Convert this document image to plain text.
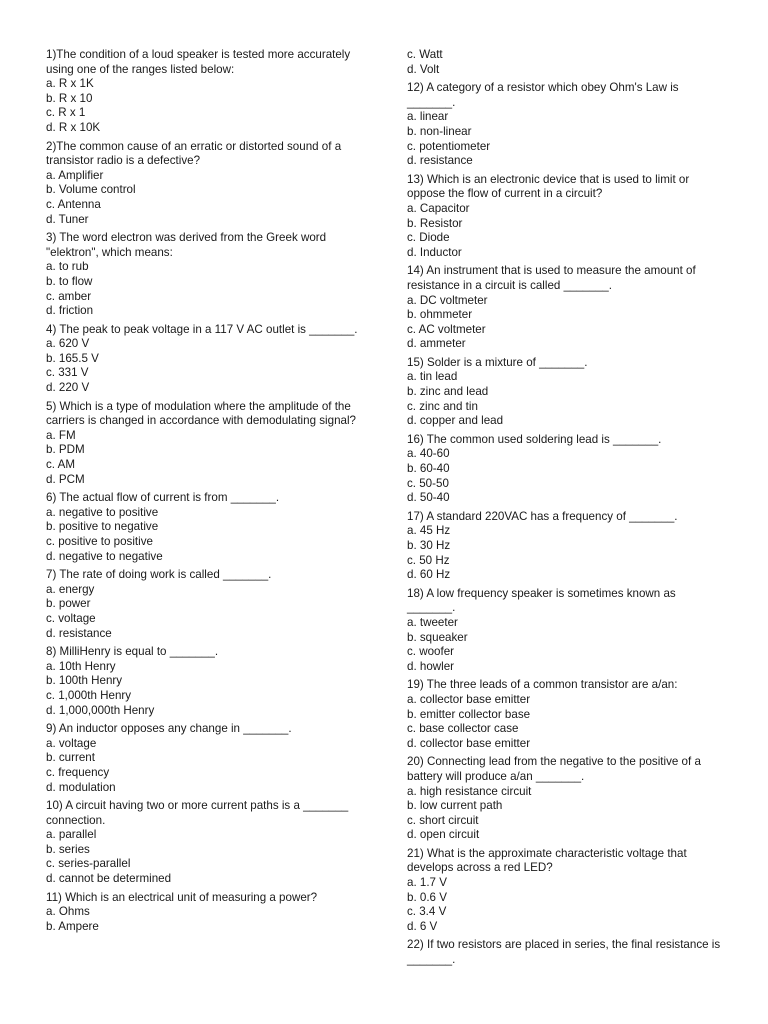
1)The condition of a loud speaker is tested more accurately using one of the ranges listed below:

a. R x 1K

b. R x 10

c. R x 1

d. R x 10K

2)The common cause of an erratic or distorted sound of a transistor radio is a defective?

a. Amplifier

b. Volume control

c. Antenna

d. Tuner

3) The word electron was derived from the Greek word "elektron", which means:

a. to rub

b. to flow

c. amber

d. friction

4) The peak to peak voltage in a 117 V AC outlet is _______.

a. 620 V

b. 165.5 V

c. 331 V

d. 220 V

5) Which is a type of modulation where the amplitude of the carriers is changed in accordance with demodulating signal?

a. FM

b. PDM

c. AM

d. PCM

6) The actual flow of current is from _______.

a. negative to positive

b. positive to negative

c. positive to positive

d. negative to negative

7) The rate of doing work is called _______.

a. energy

b. power

c. voltage

d. resistance

8) MilliHenry is equal to _______.

a. 10th Henry

b. 100th Henry

c. 1,000th Henry

d. 1,000,000th Henry

9) An inductor opposes any change in _______.

a. voltage

b. current

c. frequency

d. modulation

10) A circuit having two or more current paths is a _______ connection.

a. parallel

b. series

c. series-parallel

d. cannot be determined

11) Which is an electrical unit of measuring a power?

a. Ohms

b. Ampere

c. Watt

d. Volt

12) A category of a resistor which obey Ohm's Law is _______.

a. linear

b. non-linear

c. potentiometer

d. resistance

13) Which is an electronic device that is used to limit or oppose the flow of current in a circuit?

a. Capacitor

b. Resistor

c. Diode

d. Inductor

14) An instrument that is used to measure the amount of resistance in a circuit is called _______.

a. DC voltmeter

b. ohmmeter

c. AC voltmeter

d. ammeter

15) Solder is a mixture of _______.

a. tin lead

b. zinc and lead

c. zinc and tin

d. copper and lead

16) The common used soldering lead is _______.

a. 40-60

b. 60-40

c. 50-50

d. 50-40

17) A standard 220VAC has a frequency of _______.

a. 45 Hz

b. 30 Hz

c. 50 Hz

d. 60 Hz

18) A low frequency speaker is sometimes known as _______.

a. tweeter

b. squeaker

c. woofer

d. howler

19) The three leads of a common transistor are a/an:

a. collector base emitter

b. emitter collector base

c. base collector case

d. collector base emitter

20) Connecting lead from the negative to the positive of a battery will produce a/an _______.

a. high resistance circuit

b. low current path

c. short circuit

d. open circuit

21) What is the approximate characteristic voltage that develops across a red LED?

a. 1.7 V

b. 0.6 V

c. 3.4 V

d. 6 V

22) If two resistors are placed in series, the final resistance is _______.
